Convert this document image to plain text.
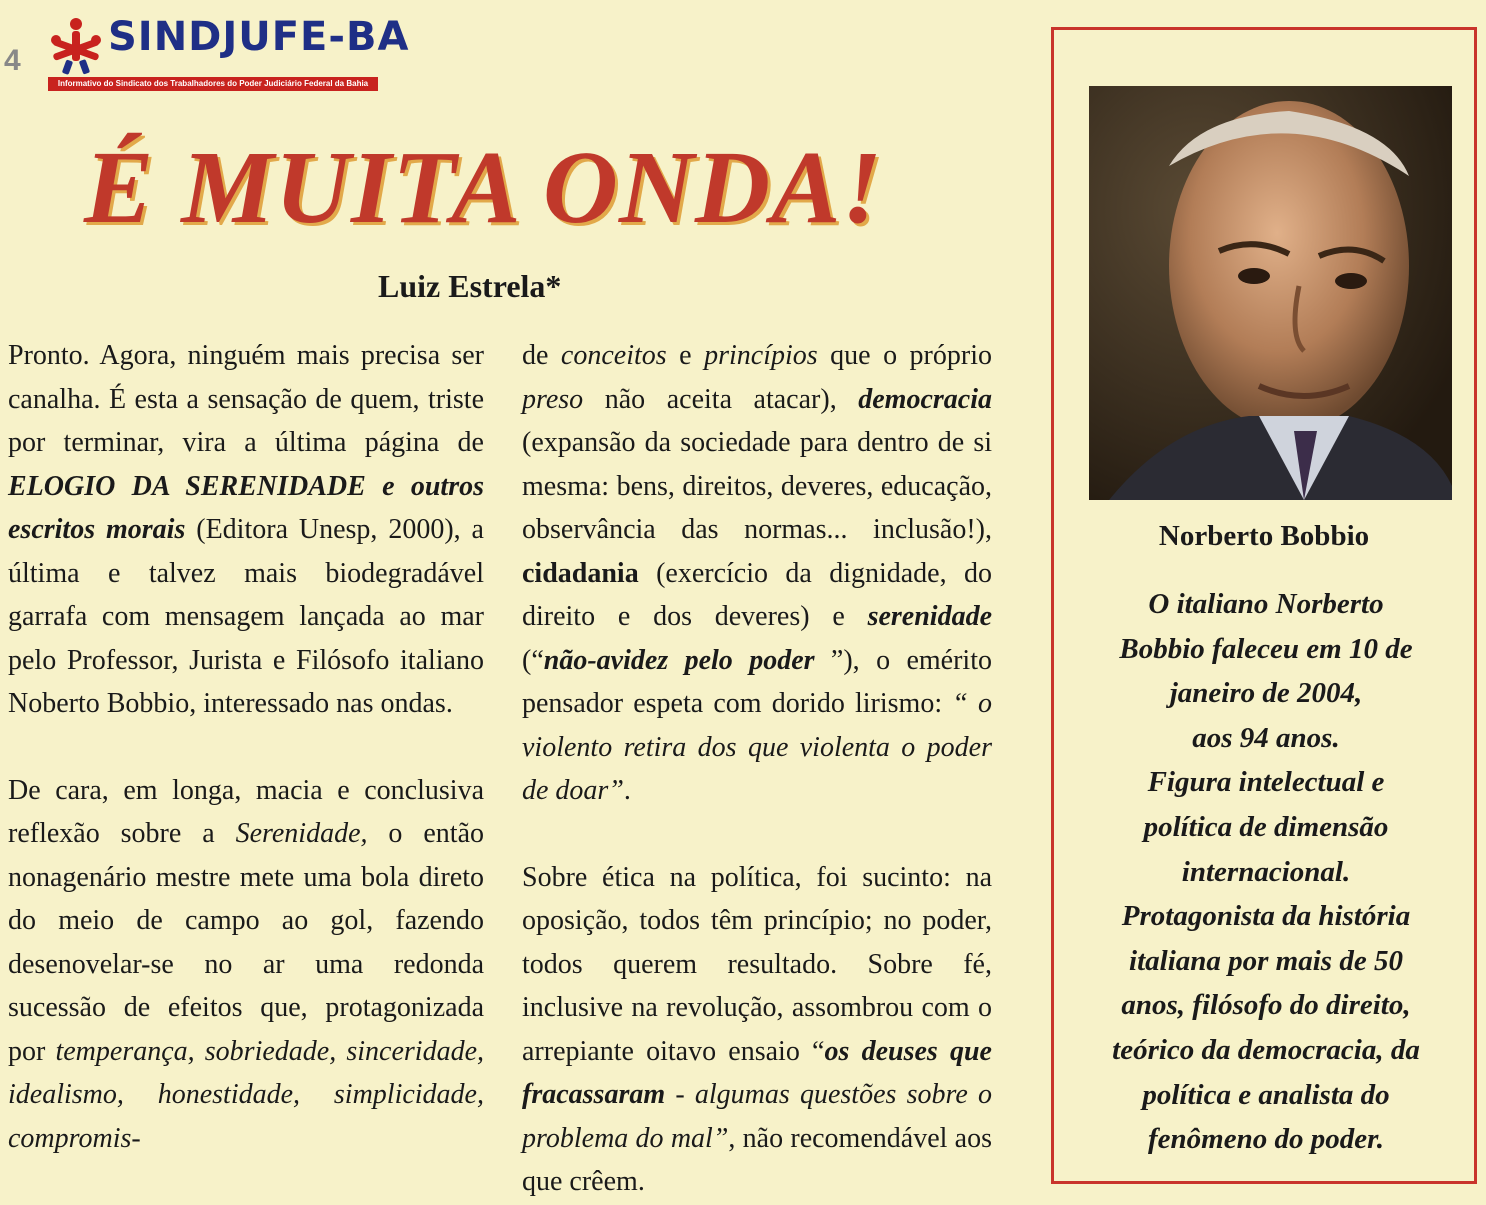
4
SINDJUFE-BA
Informativo do Sindicato dos Trabalhadores do Poder Judiciário Federal da Bahia
É MUITA ONDA!
Luiz Estrela*

Pronto. Agora, ninguém mais precisa ser canalha. É esta a sensação de quem, triste por terminar, vira a última página de ELOGIO DA SERENIDADE e outros escritos morais (Editora Unesp, 2000), a última e talvez mais biodegradável garrafa com mensagem lançada ao mar pelo Professor, Jurista e Filósofo italiano Noberto Bobbio, interessado nas ondas.

De cara, em longa, macia e conclusiva reflexão sobre a Serenidade, o então nonagenário mestre mete uma bola direto do meio de campo ao gol, fazendo desenovelar-se no ar uma redonda sucessão de efeitos que, protagonizada por temperança, sobriedade, sinceridade, idealismo, honestidade, simplicidade, compromis-

de conceitos e princípios que o próprio preso não aceita atacar), democracia (expansão da sociedade para dentro de si mesma: bens, direitos, deveres, educação, observância das normas... inclusão!), cidadania (exercício da dignidade, do direito e dos deveres) e serenidade (“não-avidez pelo poder ”), o emérito pensador espeta com dorido lirismo: “ o violento retira dos que violenta o poder de doar”.

Sobre ética na política, foi sucinto: na oposição, todos têm princípio; no poder, todos querem resultado. Sobre fé, inclusive na revolução, assombrou com o arrepiante oitavo ensaio “os deuses que fracassaram - algumas questões sobre o problema do mal”, não recomendável aos que crêem.

Norberto Bobbio
O italiano Norberto
Bobbio faleceu em 10 de
janeiro de 2004,
aos 94 anos.
Figura intelectual e
política de dimensão
internacional.
Protagonista da história
italiana por mais de 50
anos, filósofo do direito,
teórico da democracia, da
política e analista do
fenômeno do poder.
